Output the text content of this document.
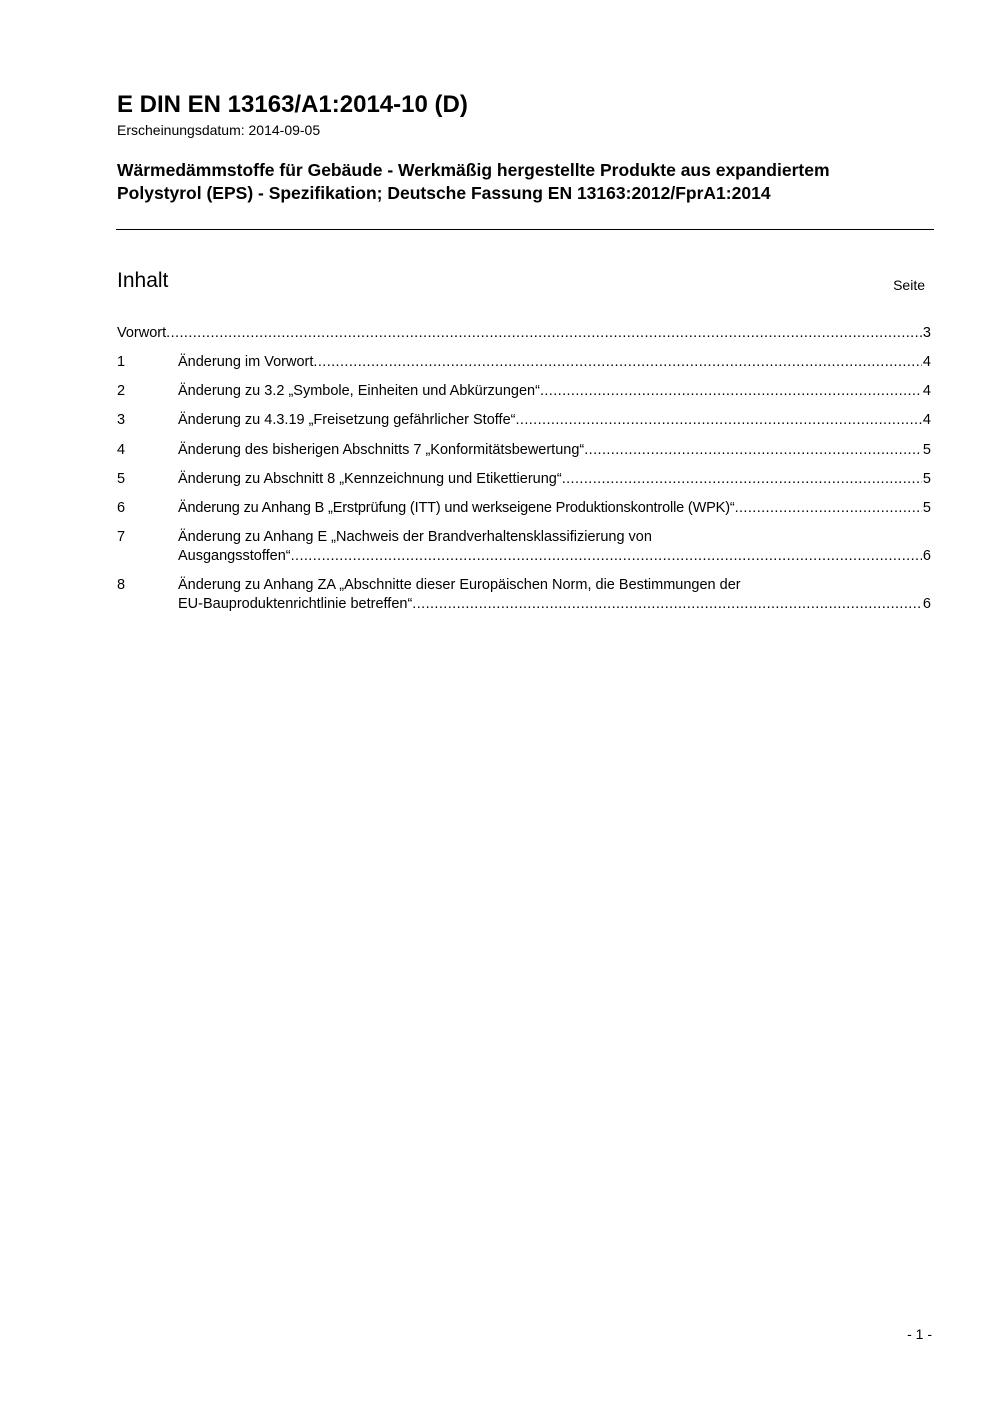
E DIN EN 13163/A1:2014-10 (D)
Erscheinungsdatum: 2014-09-05
Wärmedämmstoffe für Gebäude - Werkmäßig hergestellte Produkte aus expandiertem Polystyrol (EPS) - Spezifikation; Deutsche Fassung EN 13163:2012/FprA1:2014
Inhalt	Seite
Vorwort .....	3
1	Änderung im Vorwort .....	4
2	Änderung zu 3.2 „Symbole, Einheiten und Abkürzungen“ .....	4
3	Änderung zu 4.3.19 „Freisetzung gefährlicher Stoffe“ .....	4
4	Änderung des bisherigen Abschnitts 7 „Konformitätsbewertung“ .....	5
5	Änderung zu Abschnitt 8 „Kennzeichnung und Etikettierung“ .....	5
6	Änderung zu Anhang B „Erstprüfung (ITT) und werkseigene Produktionskontrolle (WPK)“ .....	5
7	Änderung zu Anhang E „Nachweis der Brandverhaltensklassifizierung von
Ausgangsstoffen“ .....	6
8	Änderung zu Anhang ZA „Abschnitte dieser Europäischen Norm, die Bestimmungen der
EU-Bauproduktenrichtlinie betreffen“ .....	6
- 1 -
